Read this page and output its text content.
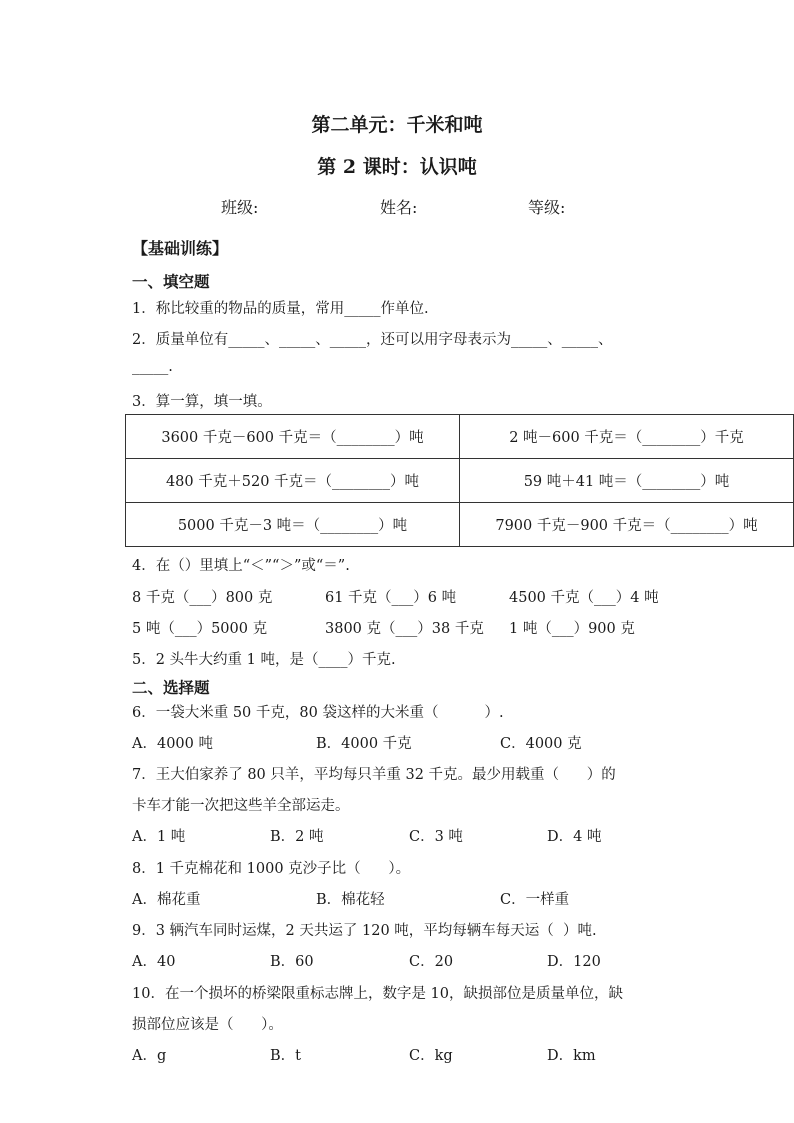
第二单元：千米和吨
第 2 课时：认识吨
班级:	姓名:	等级:
【基础训练】
一、填空题
1．称比较重的物品的质量，常用_____作单位.
2．质量单位有_____、_____、_____，还可以用字母表示为_____、_____、
_____.
3．算一算，填一填。
3600 千克－600 千克＝（________）吨	2 吨－600 千克＝（________）千克
480 千克＋520 千克＝（________）吨	59 吨＋41 吨＝（________）吨
5000 千克－3 吨＝（________）吨	7900 千克－900 千克＝（________）吨
4．在（）里填上“＜”“＞”或“＝”.
8 千克（___）800 克	61 千克（___）6 吨	4500 千克（___）4 吨
5 吨（___）5000 克	3800 克（___）38 千克 1 吨（___）900 克
5．2 头牛大约重 1 吨，是（____）千克.
二、选择题
6．一袋大米重 50 千克，80 袋这样的大米重（          ）.
A．4000 吨	B．4000 千克	C．4000 克
7．王大伯家养了 80 只羊，平均每只羊重 32 千克。最少用载重（      ）的
卡车才能一次把这些羊全部运走。
A．1 吨	B．2 吨	C．3 吨	D．4 吨
8．1 千克棉花和 1000 克沙子比（      ）。
A．棉花重	B．棉花轻	C．一样重
9．3 辆汽车同时运煤，2 天共运了 120 吨，平均每辆车每天运（  ）吨.
A．40	B．60	C．20	D．120
10．在一个损坏的桥梁限重标志牌上，数字是 10，缺损部位是质量单位，缺
损部位应该是（      ）。
A．g	B．t	C．kg	D．km
